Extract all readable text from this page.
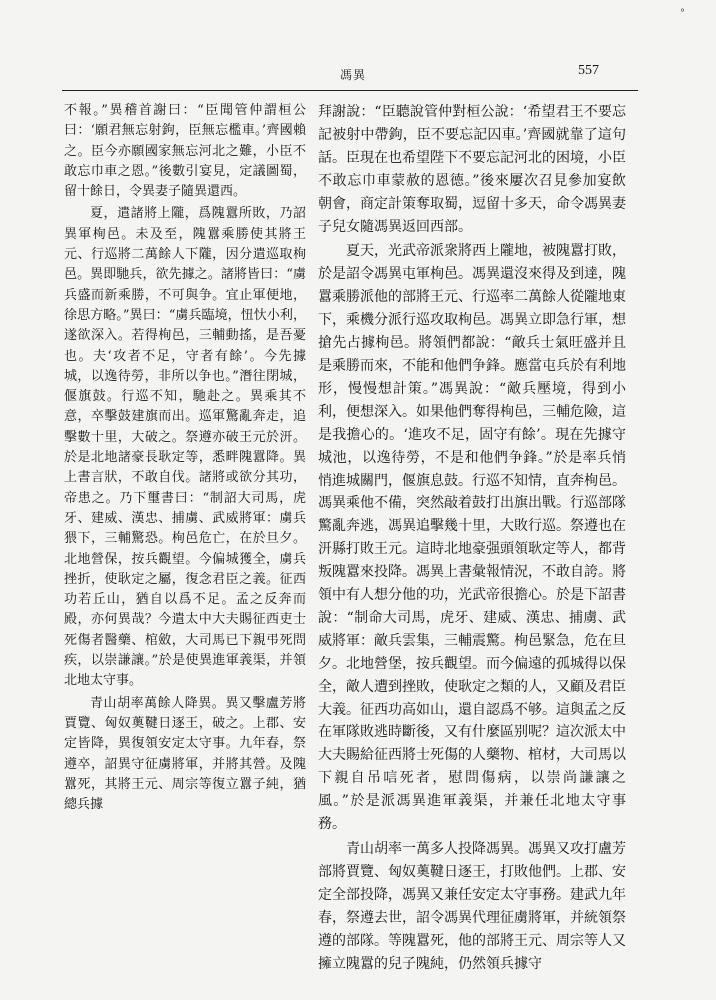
°
馮異	557

不報。”異稽首謝曰：“臣聞管仲謂桓公曰：‘願君無忘射鉤，臣無忘檻車。’齊國賴之。臣今亦願國家無忘河北之難，小臣不敢忘巾車之恩。”後數引宴見，定議圖蜀，留十餘日，令異妻子隨異還西。

夏，遣諸將上隴，爲隗囂所敗，乃詔異軍栒邑。未及至，隗囂乘勝使其將王元、行巡將二萬餘人下隴，因分遣巡取栒邑。異即馳兵，欲先據之。諸將皆曰：“虜兵盛而新乘勝，不可與争。宜止軍便地，徐思方略。”異曰：“虜兵臨境，忸忕小利，遂欲深入。若得栒邑，三輔動搖，是吾憂也。夫‘攻者不足，守者有餘’。今先據城，以逸待勞，非所以争也。”潛往閉城，偃旗鼓。行巡不知，馳赴之。異乘其不意，卒擊鼓建旗而出。巡軍驚亂奔走，追擊數十里，大破之。祭遵亦破王元於汧。於是北地諸豪長耿定等，悉畔隗囂降。異上書言狀，不敢自伐。諸將或欲分其功，帝患之。乃下璽書曰：“制詔大司馬，虎牙、建威、漢忠、捕虜、武威將軍：虜兵猥下，三輔驚恐。栒邑危亡，在於旦夕。北地營保，按兵觀望。今偏城獲全，虜兵挫折，使耿定之屬，復念君臣之義。征西功若丘山，猶自以爲不足。孟之反奔而殿，亦何異哉？今遣太中大夫賜征西吏士死傷者醫藥、棺斂，大司馬已下親弔死問疾，以崇謙讓。”於是使異進軍義渠，并領北地太守事。

青山胡率萬餘人降異。異又擊盧芳將賈覽、匈奴薁鞬日逐王，破之。上郡、安定皆降，異復領安定太守事。九年春，祭遵卒，詔異守征虜將軍，并將其營。及隗囂死，其將王元、周宗等復立囂子純，猶總兵據

拜謝說：“臣聽說管仲對桓公說：‘希望君王不要忘記被射中帶鉤，臣不要忘記囚車。’齊國就靠了這句話。臣現在也希望陛下不要忘記河北的困境，小臣不敢忘巾車蒙赦的恩德。”後來屢次召見參加宴飲朝會，商定計策奪取蜀，逗留十多天，命令馮異妻子兒女隨馮異返回西部。

夏天，光武帝派衆將西上隴地，被隗囂打敗，於是詔令馮異屯軍栒邑。馮異還沒來得及到達，隗囂乘勝派他的部將王元、行巡率二萬餘人從隴地東下，乘機分派行巡攻取栒邑。馮異立即急行軍，想搶先占據栒邑。將領們都說：“敵兵士氣旺盛并且是乘勝而來，不能和他們争鋒。應當屯兵於有利地形，慢慢想計策。”馮異說：“敵兵壓境，得到小利，便想深入。如果他們奪得栒邑，三輔危險，這是我擔心的。‘進攻不足，固守有餘’。現在先據守城池，以逸待勞，不是和他們争鋒。”於是率兵悄悄進城關門，偃旗息鼓。行巡不知情，直奔栒邑。馮異乘他不備，突然敲着鼓打出旗出戰。行巡部隊驚亂奔逃，馮異追擊幾十里，大敗行巡。祭遵也在汧縣打敗王元。這時北地豪强頭領耿定等人，都背叛隗囂來投降。馮異上書彙報情況，不敢自誇。將領中有人想分他的功，光武帝很擔心。於是下詔書說：“制命大司馬，虎牙、建威、漢忠、捕虜、武威將軍：敵兵雲集，三輔震驚。栒邑緊急，危在旦夕。北地營堡，按兵觀望。而今偏遠的孤城得以保全，敵人遭到挫敗，使耿定之類的人，又顧及君臣大義。征西功高如山，還自認爲不够。這與孟之反在軍隊敗逃時斷後，又有什麼區别呢？這次派太中大夫賜給征西將士死傷的人藥物、棺材，大司馬以下親自吊唁死者，慰問傷病，以崇尚謙讓之風。”於是派馮異進軍義渠，并兼任北地太守事務。

青山胡率一萬多人投降馮異。馮異又攻打盧芳部將賈覽、匈奴薁鞬日逐王，打敗他們。上郡、安定全部投降，馮異又兼任安定太守事務。建武九年春，祭遵去世，詔令馮異代理征虜將軍，并統領祭遵的部隊。等隗囂死，他的部將王元、周宗等人又擁立隗囂的兒子隗純，仍然領兵據守
